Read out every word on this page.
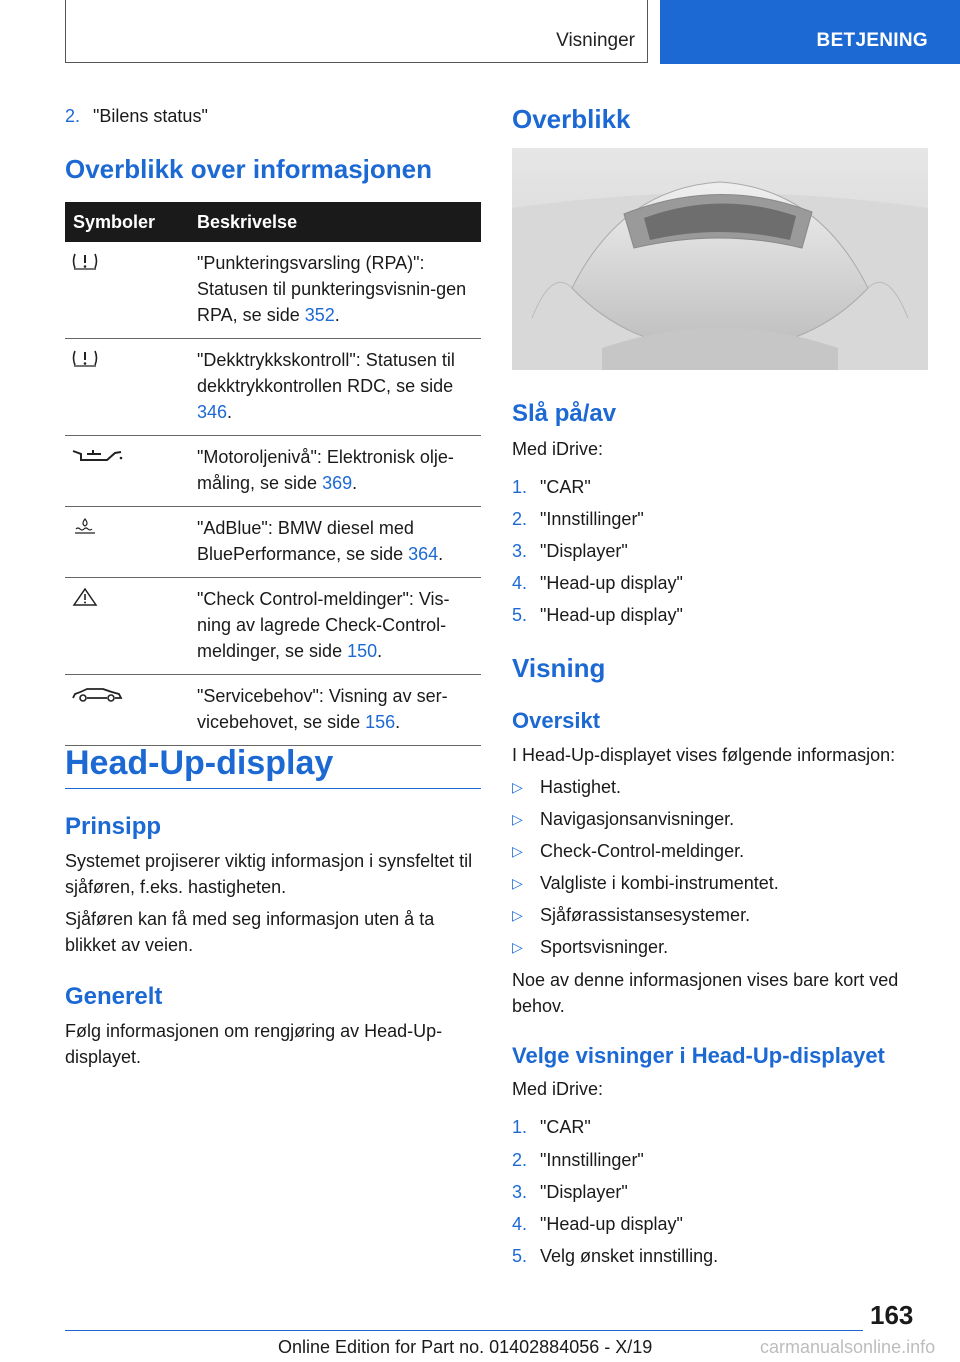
Visninger	BETJENING
2. "Bilens status"
Overblikk over informasjonen
Symboler	Beskrivelse

	"Punkteringsvarsling (RPA)": Statusen til punkteringsvisnin-gen RPA, se side 352.

	"Dekktrykkskontroll": Statusen til dekktrykkontrollen RDC, se side 346.

	"Motoroljenivå": Elektronisk olje-måling, se side 369.

	"AdBlue": BMW diesel med BluePerformance, se side 364.

	"Check Control-meldinger": Vis-ning av lagrede Check-Control-meldinger, se side 150.

	"Servicebehov": Visning av ser-vicebehovet, se side 156.
Head-Up-display
Prinsipp
Systemet projiserer viktig informasjon i synsfeltet til sjåføren, f.eks. hastigheten.
Sjåføren kan få med seg informasjon uten å ta blikket av veien.
Generelt
Følg informasjonen om rengjøring av Head-Up-displayet.
Overblikk
Slå på/av
Med iDrive:
1. "CAR"
2. "Innstillinger"
3. "Displayer"
4. "Head-up display"
5. "Head-up display"
Visning
Oversikt
I Head-Up-displayet vises følgende informasjon:
▷ Hastighet.
▷ Navigasjonsanvisninger.
▷ Check-Control-meldinger.
▷ Valgliste i kombi-instrumentet.
▷ Sjåførassistansesystemer.
▷ Sportsvisninger.
Noe av denne informasjonen vises bare kort ved behov.
Velge visninger i Head-Up-displayet
Med iDrive:
1. "CAR"
2. "Innstillinger"
3. "Displayer"
4. "Head-up display"
5. Velg ønsket innstilling.
163
Online Edition for Part no. 01402884056 - X/19	carmanualsonline.info
